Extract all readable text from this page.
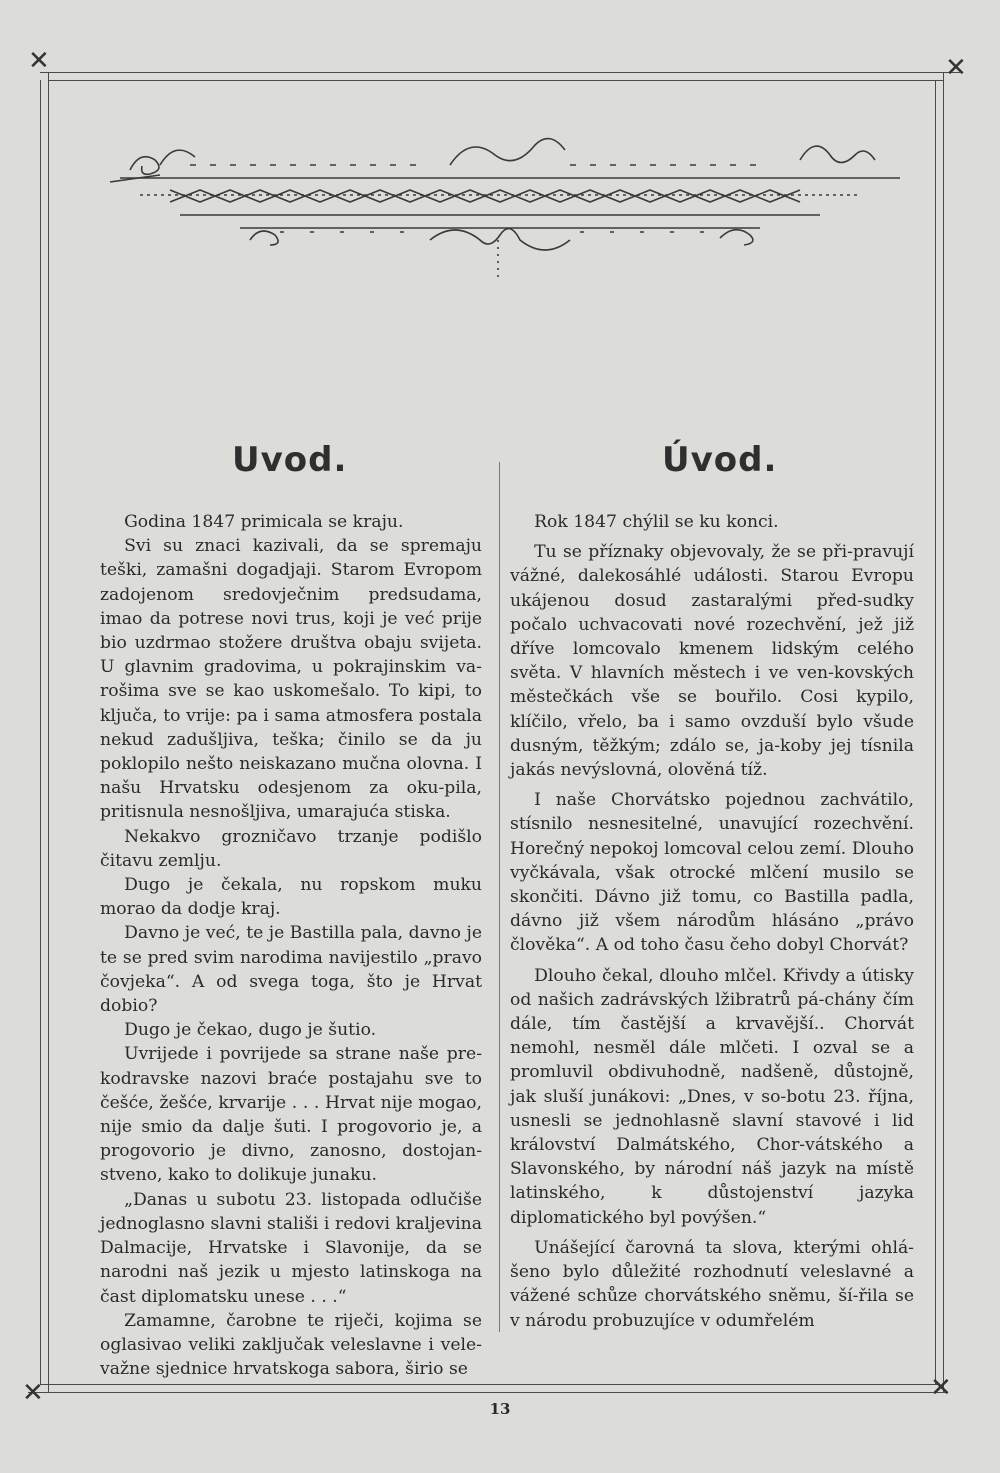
✕	✕
✕	✕
Uvod.	Úvod.

Godina 1847 primicala se kraju.

Svi su znaci kazivali, da se spremaju teški, zamašni dogadjaji. Starom Evropom zadojenom sredovječnim predsudama, imao da potrese novi trus, koji je već prije bio uzdrmao stožere društva obaju svijeta. U glavnim gradovima, u pokrajinskim va-rošima sve se kao uskomešalo. To kipi, to ključa, to vrije: pa i sama atmosfera postala nekud zadušljiva, teška; činilo se da ju poklopilo nešto neiskazano mučna olovna. I našu Hrvatsku odesjenom za oku-pila, pritisnula nesnošljiva, umarajuća stiska.

Nekakvo grozničavo trzanje podišlo čitavu zemlju.

Dugo je čekala, nu ropskom muku morao da dodje kraj.

Davno je već, te je Bastilla pala, davno je te se pred svim narodima navijestilo „pravo čovjeka“. A od svega toga, što je Hrvat dobio?

Dugo je čekao, dugo je šutio.

Uvrijede i povrijede sa strane naše pre-kodravske nazovi braće postajahu sve to češće, žešće, krvarije . . . Hrvat nije mogao, nije smio da dalje šuti. I progovorio je, a progovorio je divno, zanosno, dostojan-stveno, kako to dolikuje junaku.

„Danas u subotu 23. listopada odlučiše jednoglasno slavni stališi i redovi kraljevina Dalmacije, Hrvatske i Slavonije, da se narodni naš jezik u mjesto latinskoga na čast diplomatsku unese . . .“

Zamamne, čarobne te riječi, kojima se oglasivao veliki zaključak veleslavne i vele-važne sjednice hrvatskoga sabora, širio se

Rok 1847 chýlil se ku konci.

Tu se příznaky objevovaly, že se při-pravují vážné, dalekosáhlé události. Starou Evropu ukájenou dosud zastaralými před-sudky počalo uchvacovati nové rozechvění, jež již dříve lomcovalo kmenem lidským celého světa. V hlavních městech i ve ven-kovských městečkách vše se bouřilo. Cosi kypilo, klíčilo, vřelo, ba i samo ovzduší bylo všude dusným, těžkým; zdálo se, ja-koby jej tísnila jakás nevýslovná, olověná tíž.

I naše Chorvátsko pojednou zachvátilo, stísnilo nesnesitelné, unavující rozechvění. Horečný nepokoj lomcoval celou zemí. Dlouho vyčkávala, však otrocké mlčení musilo se skončiti. Dávno již tomu, co Bastilla padla, dávno již všem národům hlásáno „právo člověka“. A od toho času čeho dobyl Chorvát?

Dlouho čekal, dlouho mlčel. Křivdy a útisky od našich zadrávských lžibratrů pá-chány čím dále, tím častější a krvavější.. Chorvát nemohl, nesměl dále mlčeti. I ozval se a promluvil obdivuhodně, nadšeně, důstojně, jak sluší junákovi: „Dnes, v so-botu 23. října, usnesli se jednohlasně slavní stavové i lid království Dalmátského, Chor-vátského a Slavonského, by národní náš jazyk na místě latinského, k důstojenství jazyka diplomatického byl povýšen.“

Unášející čarovná ta slova, kterými ohlá-šeno bylo důležité rozhodnutí veleslavné a vážené schůze chorvátského sněmu, ší-řila se v národu probuzujíce v odumřelém

13
